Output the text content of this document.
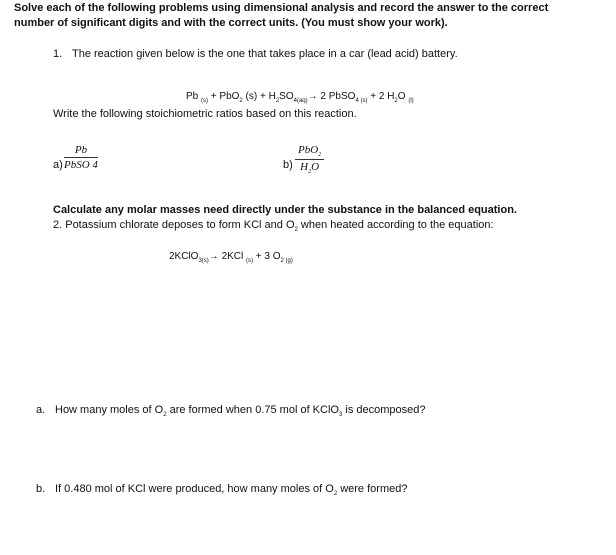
Solve each of the following problems using dimensional analysis and record the answer to the correct
number of significant digits and with the correct units. (You must show your work).
1. The reaction given below is the one that takes place in a car (lead acid) battery.
Pb $_{(s)}$ + PbO$_2$ $(s) + H_2SO_{4(aq)}\to 2$ PbSO$_{4 (s)}$ + 2 $H_2O$ $_{(l)}$
Write the following stoichiometric ratios based on this reaction.
a)
Pb
PbSO 4	b)
PbO$_2$
$H_2O$
Calculate any molar masses need directly under the substance in the balanced equation.
2. Potassium chlorate deposes to form KCl and $O_2$ when heated according to the equation:
2KClO$_{3(s)}$→ 2KCl $_{(s)}$ + 3 $O_{2 (g)}$
a. How many moles of $O_2$ are formed when 0.75 mol of KClO$_3$ is decomposed?
b. If 0.480 mol of KCl were produced, how many moles of $O_2$ were formed?
